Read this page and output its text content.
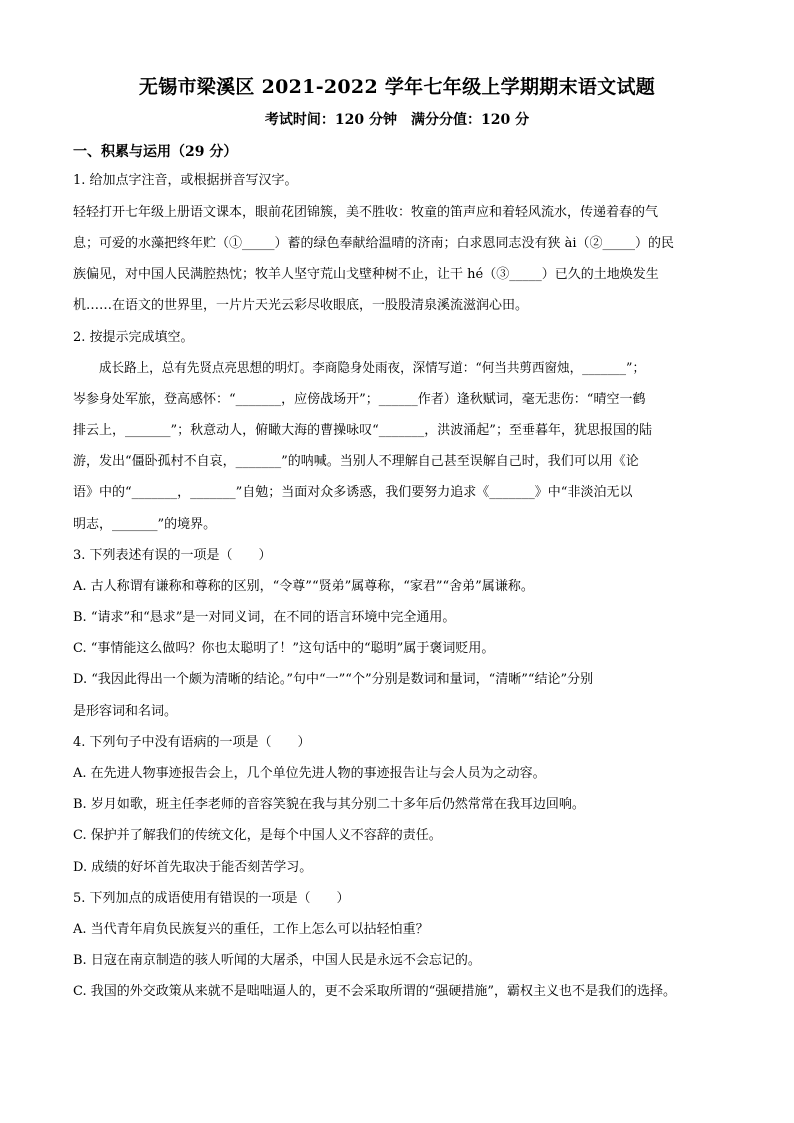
无锡市梁溪区 2021-2022 学年七年级上学期期末语文试题
考试时间：120 分钟　满分分值：120 分
一、积累与运用（29 分）
1. 给加点字注音，或根据拼音写汉字。
轻轻打开七年级上册语文课本，眼前花团锦簇，美不胜收：牧童的笛声应和着轻风流水，传递着春的气
息；可爱的水藻把终年贮（①_____）蓄的绿色奉献给温晴的济南；白求恩同志没有狭 ài（②_____）的民
族偏见，对中国人民满腔热忱；牧羊人坚守荒山戈壁种树不止，让干 hé（③_____）已久的土地焕发生
机……在语文的世界里，一片片天光云彩尽收眼底，一股股清泉溪流滋润心田。
2. 按提示完成填空。
成长路上，总有先贤点亮思想的明灯。李商隐身处雨夜，深情写道：“何当共剪西窗烛，_______”；
岑参身处军旅，登高感怀：“_______，应傍战场开”；______作者）逢秋赋词，毫无悲伤：“晴空一鹤
排云上，_______”；秋意动人，俯瞰大海的曹操咏叹“_______，洪波涌起”；至垂暮年，犹思报国的陆
游，发出“僵卧孤村不自哀，_______”的呐喊。当别人不理解自己甚至误解自己时，我们可以用《论
语》中的“_______，_______”自勉；当面对众多诱惑，我们要努力追求《_______》中“非淡泊无以
明志，_______”的境界。
3. 下列表述有误的一项是（　　）
A. 古人称谓有谦称和尊称的区别，“令尊”“贤弟”属尊称，“家君”“舍弟”属谦称。
B. “请求”和“恳求”是一对同义词，在不同的语言环境中完全通用。
C. “事情能这么做吗？你也太聪明了！”这句话中的“聪明”属于褒词贬用。
D. “我因此得出一个颇为清晰的结论。”句中“一”“个”分别是数词和量词，“清晰”“结论”分别
是形容词和名词。
4. 下列句子中没有语病的一项是（　　）
A. 在先进人物事迹报告会上，几个单位先进人物的事迹报告让与会人员为之动容。
B. 岁月如歌，班主任李老师的音容笑貌在我与其分别二十多年后仍然常常在我耳边回响。
C. 保护并了解我们的传统文化，是每个中国人义不容辞的责任。
D. 成绩的好坏首先取决于能否刻苦学习。
5. 下列加点的成语使用有错误的一项是（　　）
A. 当代青年肩负民族复兴的重任，工作上怎么可以拈轻怕重？
B. 日寇在南京制造的骇人听闻的大屠杀，中国人民是永远不会忘记的。
C. 我国的外交政策从来就不是咄咄逼人的，更不会采取所谓的“强硬措施”，霸权主义也不是我们的选择。
